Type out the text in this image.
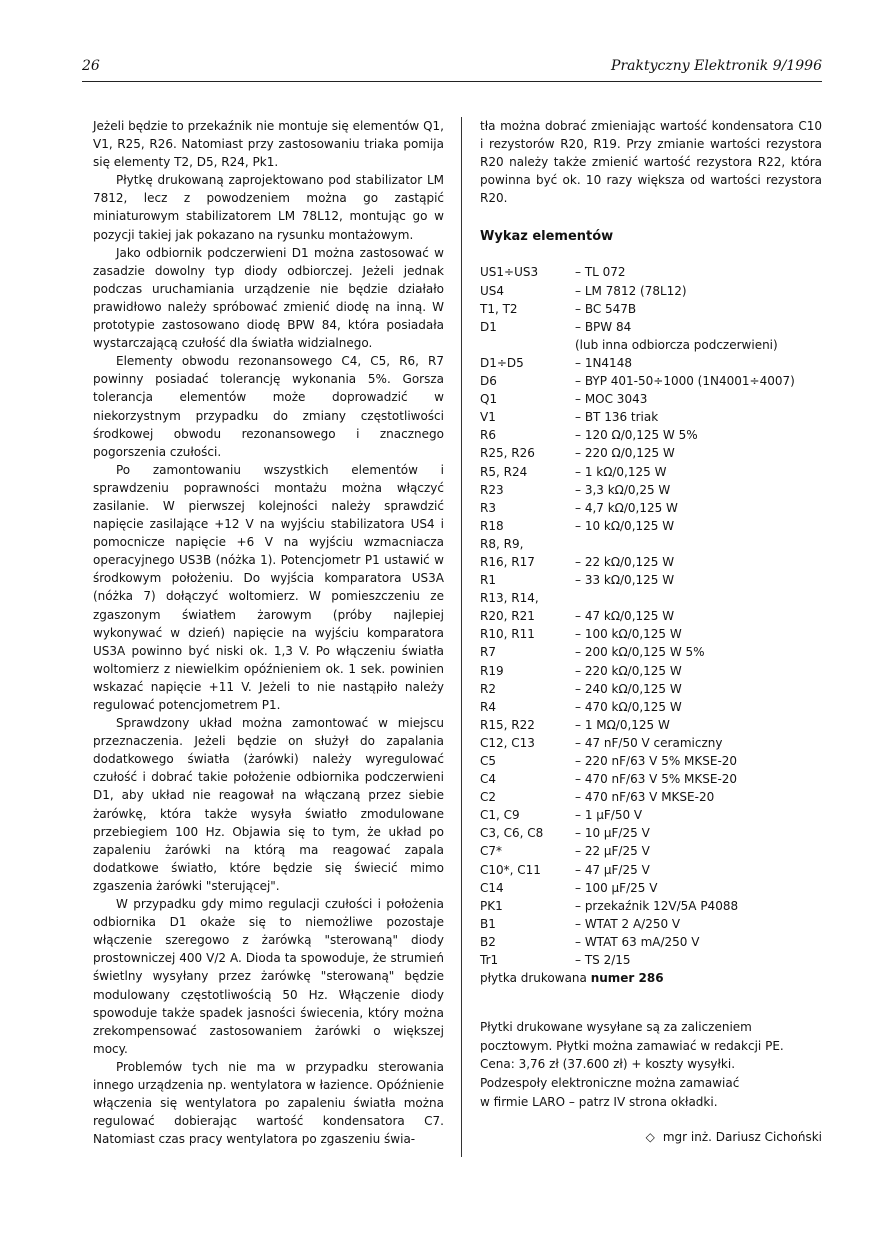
26	Praktyczny Elektronik 9/1996

Jeżeli będzie to przekaźnik nie montuje się elementów Q1, V1, R25, R26. Natomiast przy zastosowaniu triaka pomija się elementy T2, D5, R24, Pk1.

Płytkę drukowaną zaprojektowano pod stabilizator LM 7812, lecz z powodzeniem można go zastąpić miniaturowym stabilizatorem LM 78L12, montując go w pozycji takiej jak pokazano na rysunku montażowym.

Jako odbiornik podczerwieni D1 można zastosować w zasadzie dowolny typ diody odbiorczej. Jeżeli jednak podczas uruchamiania urządzenie nie będzie działało prawidłowo należy spróbować zmienić diodę na inną. W prototypie zastosowano diodę BPW 84, która posiadała wystarczającą czułość dla światła widzialnego.

Elementy obwodu rezonansowego C4, C5, R6, R7 powinny posiadać tolerancję wykonania 5%. Gorsza tolerancja elementów może doprowadzić w niekorzystnym przypadku do zmiany częstotliwości środkowej obwodu rezonansowego i znacznego pogorszenia czułości.

Po zamontowaniu wszystkich elementów i sprawdzeniu poprawności montażu można włączyć zasilanie. W pierwszej kolejności należy sprawdzić napięcie zasilające +12 V na wyjściu stabilizatora US4 i pomocnicze napięcie +6 V na wyjściu wzmacniacza operacyjnego US3B (nóżka 1). Potencjometr P1 ustawić w środkowym położeniu. Do wyjścia komparatora US3A (nóżka 7) dołączyć woltomierz. W pomieszczeniu ze zgaszonym światłem żarowym (próby najlepiej wykonywać w dzień) napięcie na wyjściu komparatora US3A powinno być niski ok. 1,3 V. Po włączeniu światła woltomierz z niewielkim opóźnieniem ok. 1 sek. powinien wskazać napięcie +11 V. Jeżeli to nie nastąpiło należy regulować potencjometrem P1.

Sprawdzony układ można zamontować w miejscu przeznaczenia. Jeżeli będzie on służył do zapalania dodatkowego światła (żarówki) należy wyregulować czułość i dobrać takie położenie odbiornika podczerwieni D1, aby układ nie reagował na włączaną przez siebie żarówkę, która także wysyła światło zmodulowane przebiegiem 100 Hz. Objawia się to tym, że układ po zapaleniu żarówki na którą ma reagować zapala dodatkowe światło, które będzie się świecić mimo zgaszenia żarówki "sterującej".

W przypadku gdy mimo regulacji czułości i położenia odbiornika D1 okaże się to niemożliwe pozostaje włączenie szeregowo z żarówką "sterowaną" diody prostowniczej 400 V/2 A. Dioda ta spowoduje, że strumień świetlny wysyłany przez żarówkę "sterowaną" będzie modulowany częstotliwością 50 Hz. Włączenie diody spowoduje także spadek jasności świecenia, który można zrekompensować zastosowaniem żarówki o większej mocy.

Problemów tych nie ma w przypadku sterowania innego urządzenia np. wentylatora w łazience. Opóźnienie włączenia się wentylatora po zapaleniu światła można regulować dobierając wartość kondensatora C7. Natomiast czas pracy wentylatora po zgaszeniu świa-

tła można dobrać zmieniając wartość kondensatora C10 i rezystorów R20, R19. Przy zmianie wartości rezystora R20 należy także zmienić wartość rezystora R22, która powinna być ok. 10 razy większa od wartości rezystora R20.

Wykaz elementów
US1÷US3	– TL 072
US4	– LM 7812 (78L12)
T1, T2	– BC 547B
D1	– BPW 84
(lub inna odbiorcza podczerwieni)
D1÷D5	– 1N4148
D6	– BYP 401-50÷1000 (1N4001÷4007)
Q1	– MOC 3043
V1	– BT 136 triak
R6	– 120 Ω/0,125 W 5%
R25, R26	– 220 Ω/0,125 W
R5, R24	– 1 kΩ/0,125 W
R23	– 3,3 kΩ/0,25 W
R3	– 4,7 kΩ/0,125 W
R18	– 10 kΩ/0,125 W
R8, R9,
R16, R17	– 22 kΩ/0,125 W
R1	– 33 kΩ/0,125 W
R13, R14,
R20, R21	– 47 kΩ/0,125 W
R10, R11	– 100 kΩ/0,125 W
R7	– 200 kΩ/0,125 W 5%
R19	– 220 kΩ/0,125 W
R2	– 240 kΩ/0,125 W
R4	– 470 kΩ/0,125 W
R15, R22	– 1 MΩ/0,125 W
C12, C13	– 47 nF/50 V ceramiczny
C5	– 220 nF/63 V 5% MKSE-20
C4	– 470 nF/63 V 5% MKSE-20
C2	– 470 nF/63 V MKSE-20
C1, C9	– 1 μF/50 V
C3, C6, C8	– 10 μF/25 V
C7*	– 22 μF/25 V
C10*, C11	– 47 μF/25 V
C14	– 100 μF/25 V
PK1	– przekaźnik 12V/5A P4088
B1	– WTAT 2 A/250 V
B2	– WTAT 63 mA/250 V
Tr1	– TS 2/15
płytka drukowana numer 286
Płytki drukowane wysyłane są za zaliczeniem
pocztowym. Płytki można zamawiać w redakcji PE.
Cena: 3,76 zł (37.600 zł) + koszty wysyłki.
Podzespoły elektroniczne można zamawiać
w firmie LARO – patrz IV strona okładki.
◇ mgr inż. Dariusz Cichoński
